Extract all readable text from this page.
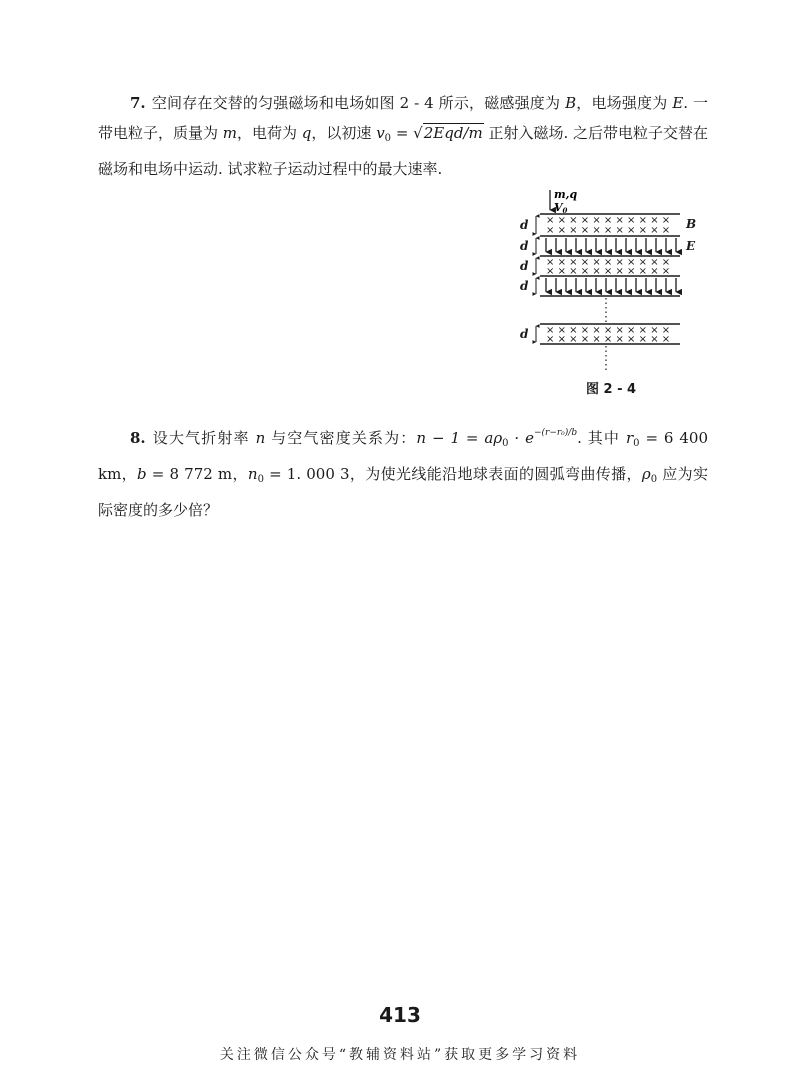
7. 空间存在交替的匀强磁场和电场如图 2 - 4 所示，磁感强度为 B，电场强度为 E. 一带电粒子，质量为 m，电荷为 q，以初速 $v_0 = √2Eqd/m$ 正射入磁场. 之后带电粒子交替在磁场和电场中运动. 试求粒子运动过程中的最大速率.
m,q
V0
×××××××××××
×××××××××××
×××××××××××
×××××××××××
×××××××××××
×××××××××××
d
d
d
d
d
B
E
图 2 - 4
8. 设大气折射率 n 与空气密度关系为：$n - 1 = a\rho_0 \cdot e^{-(r-r_0)/b}$. 其中 $r_0 = 6$ 400 km，b = 8 772 m，$n_0 = 1$. 000 3，为使光线能沿地球表面的圆弧弯曲传播，$\rho_0$ 应为实际密度的多少倍？
413
关注微信公众号“教辅资料站”获取更多学习资料
